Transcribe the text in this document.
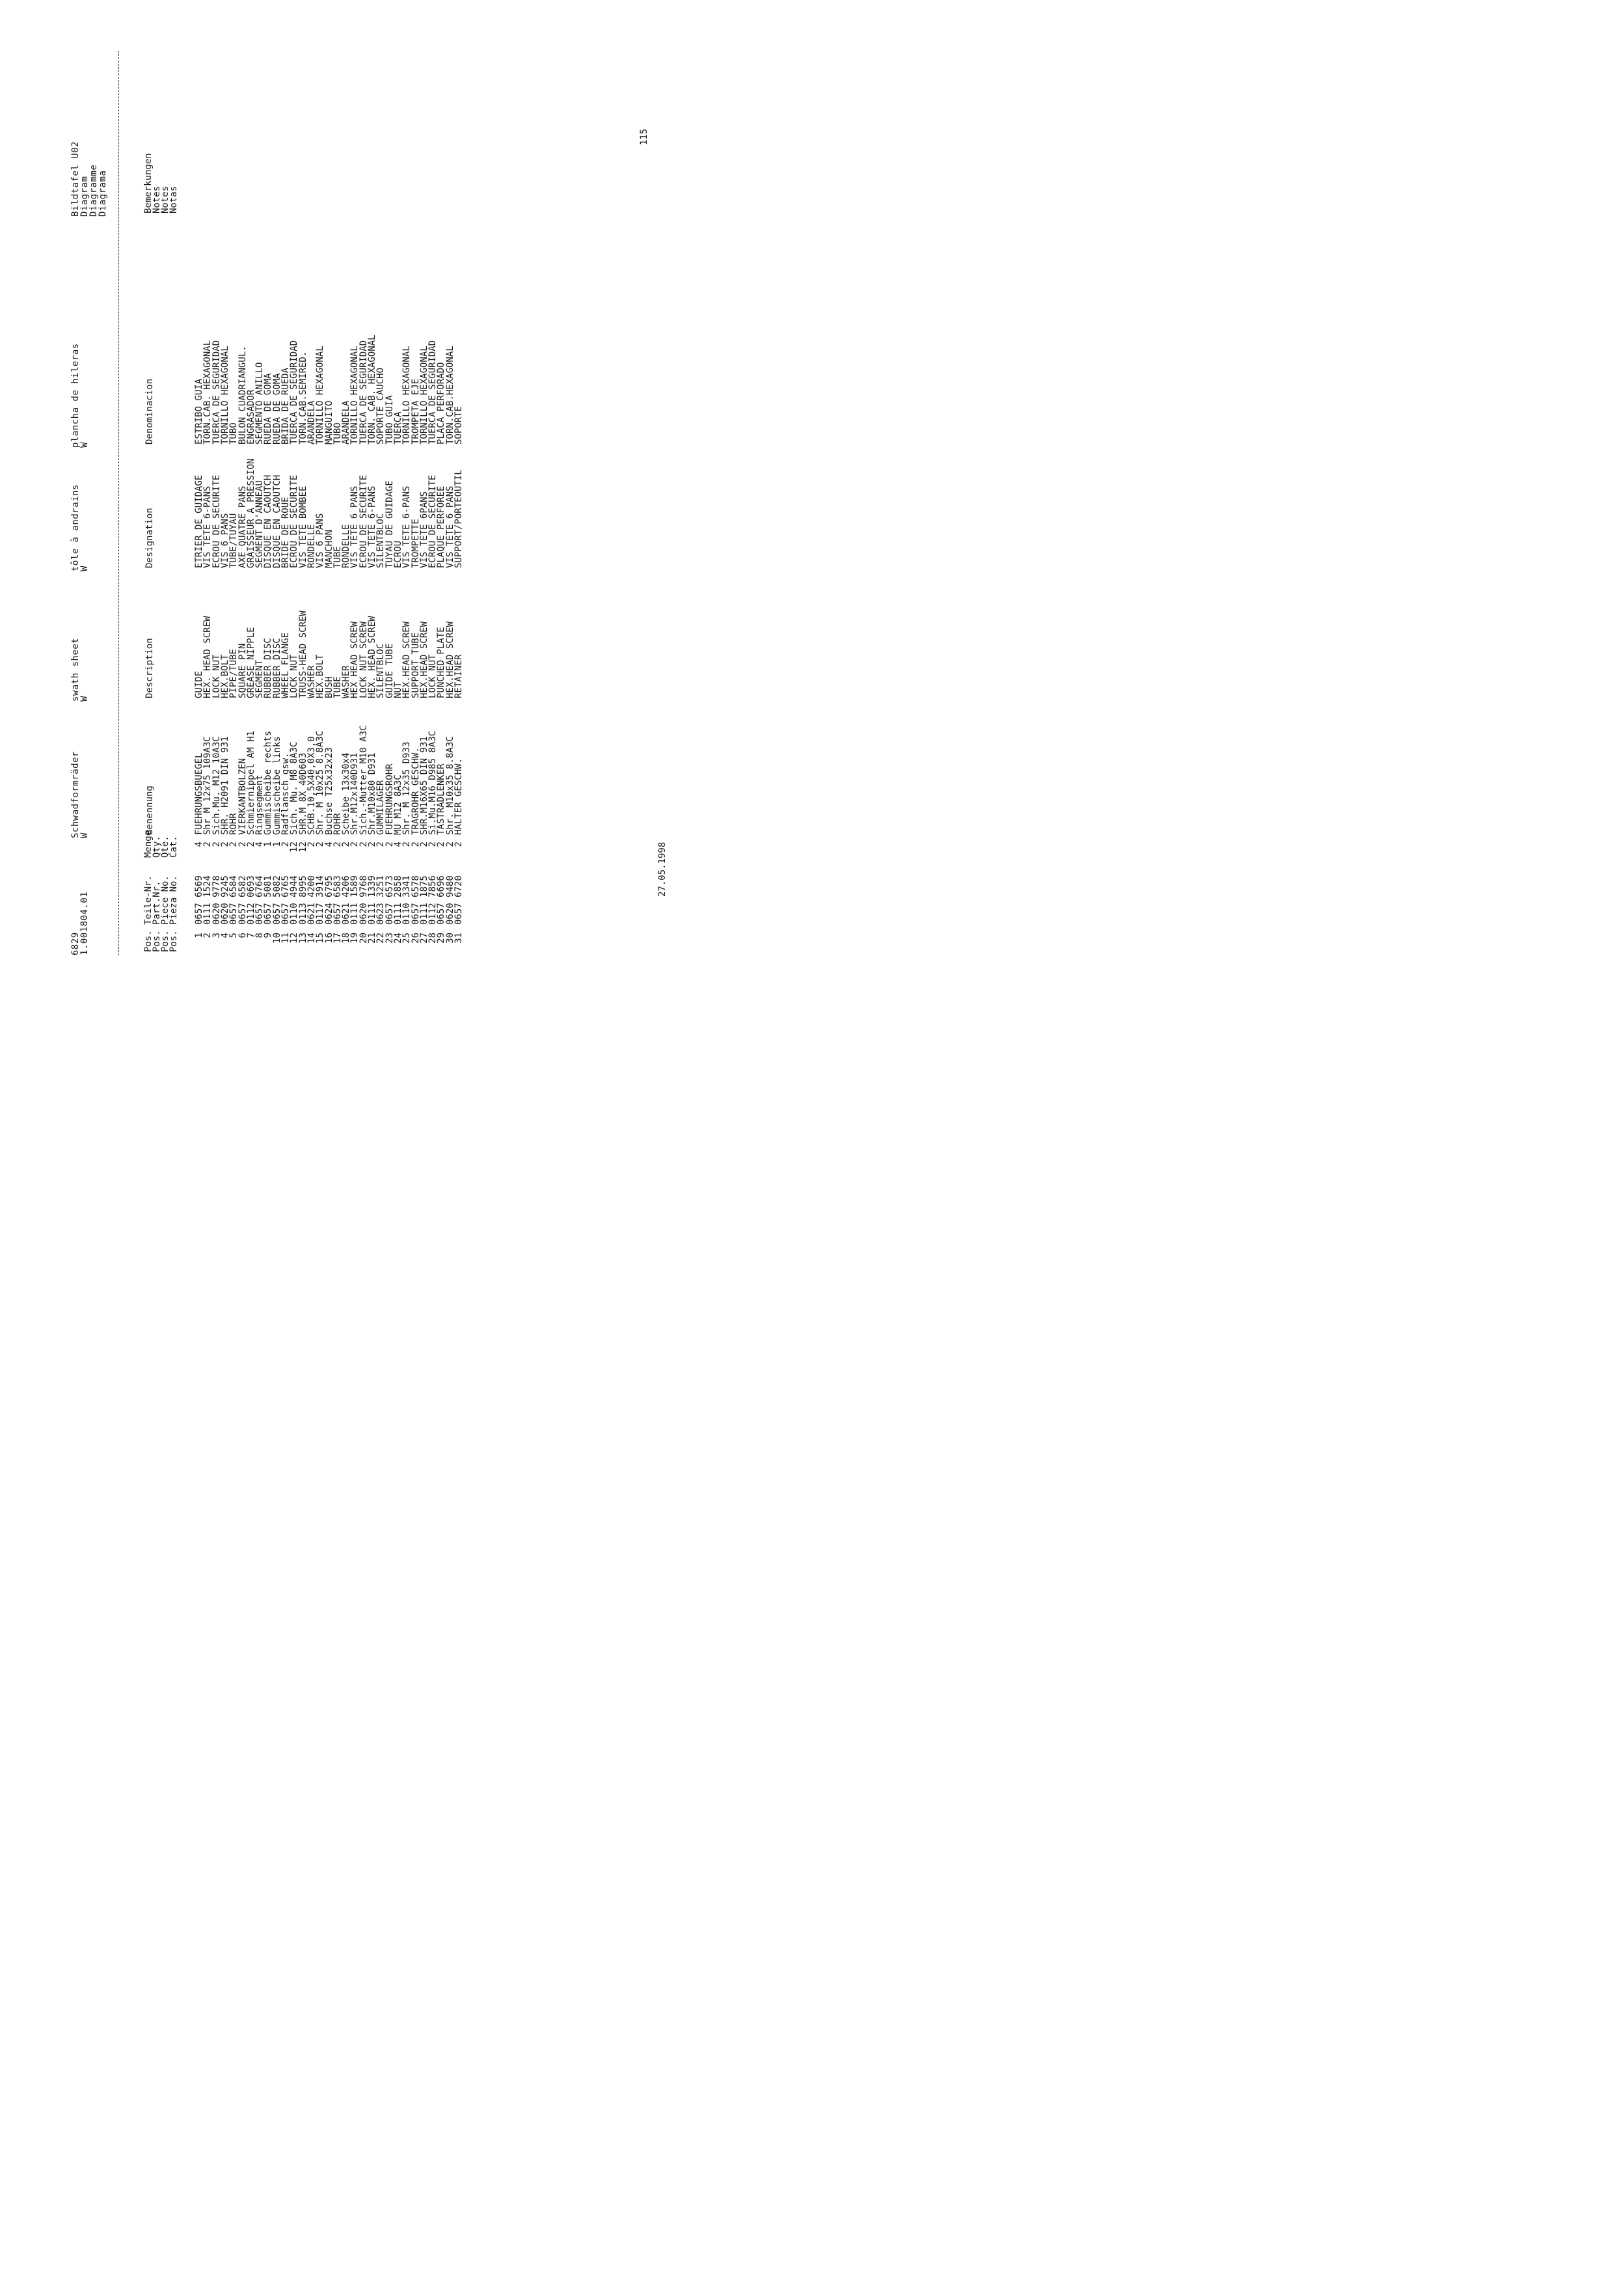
6829
Schwadformräder
swath sheet
tôle à andrains
plancha de hileras
Bildtafel U02
1.001804.01
W
W
W
W
Diagram
Diagramme
Diagrama
Pos.
Pos.
Pos.
Pos.
Teile-Nr.
Part.Nr.
Piece No.
Pieza No.
Menge
Qty.
Qte.
Cat.
Benennung
Description
Designation
Denominacion
Bemerkungen
Notes
Notes
Notas
1
0657 6569
4
FUEHRUNGSBUEGEL
GUIDE
ETRIER DE GUIDAGE
ESTRIBO GUIA
2
0111 1524
2
Shr M 12x75 109A3C
HEX. HEAD SCREW
VIS TETE 6-PANS
TORN.CAB. HEXAGONAL
3
0620 9778
2
Sich.Mu. M12 10A3C
LOCK NUT
ECROU DE SECURITE
TUERCA DE SEGURIDAD
4
0620 9245
2
SHR. H2091 DIN 931
HEX.BOLT
VIS 6 PANS
TORNILLO HEXAGONAL
5
0657 6584
2
ROHR
PIPE/TUBE
TUBE/TUYAU
TUBO
6
0657 6582
2
VIERKANTBOLZEN
SQUARE PIN
AXE QUATRE PANS
BULON CUADRIANGUL.
7
0112 0693
2
Schmiernippel AM H1
GREASE NIPPLE
GRAISSEUR A PRESSION
ENGRASADOR
8
0657 6764
4
Ringsegment
SEGMENT
SEGMENT D'ANNEAU
SEGMENTO ANILLO
9
0657 5081
1
Gummischeibe rechts
RUBBER DISC
DISQUE EN CAOUTCH
RUEDA DE GOMA
10
0657 5082
1
Gummischeibe links
RUBBER DISC
DISQUE EN CAOUTCH
RUEDA DE GOMA
11
0657 6765
2
Radflansch gsw.
WHEEL FLANGE
BRIDE DE ROUE
BRIDA DE RUEDA
12
0110 4944
12
Sich. Mu. M8 8A3C
LOCK NUT
ECROU DE SECURITE
TUERCA DE SEGURIDAD
13
0113 8995
12
SHR.M 8X 40D603
TRUSS-HEAD SCREW
VIS TETE BOMBEE
TORN.CAB.SEMIRED.
14
0621 4200
2
SCHB.10,5X40,0X3,0
WASHER
RONDELLE
ARANDELA
15
0117 3914
2
Shr. M 10x25 8.8A3C
HEX.BOLT
VIS 6 PANS
TORNILLO HEXAGONAL
16
0624 6795
4
Buchse T25x32x23
BUSH
MANCHON
MANGUITO
17
0657 6583
2
ROHR
TUBE
TUBE
TUBO
18
0621 4206
2
Scheibe 13x30x4
WASHER
RONDELLE
ARANDELA
19
0111 1589
2
Shr.M12x140D931
HEX HEAD SCREW
VIS TETE 6 PANS
TORNILLO HEXAGONAL
20
0620 9768
2
Sich.-Mutter M10 A3C
LOCK NUT SCREW
ECROU DE SECURITE
TUERCA DE SEGURIDAD
21
0111 1339
2
Shr.M10x80 D931
HEX. HEAD SCREW
VIS TETE 6-PANS
TORN. CAB. HEXAGONAL
22
0623 3251
2
GUMMILAGER
SILENTBLOC
SILENTBLOC
SOPORTE CAUCHO
23
0657 6573
2
FUEHRUNGSROHR
GUIDE TUBE
TUYAU DE GUIDAGE
TUBO GUIA
24
0111 2858
4
MU M12 8A3C
NUT
ECROU
TUERCA
25
0110 3341
2
Shr. M 12x35 D933
HEX.HEAD SCREW
VIS TETE 6-PANS
TORNILLO HEXAGONAL
26
0657 6578
2
TRAGROHR GESCHW.
SUPPORT TUBE
TROMPETTE
TROMPETA EJE
27
0111 1875
2
SHR.M16X65 DIN 931
HEX.HEAD SCREW
VIS TETE 6PANS
TORNILLO HEXAGONAL
28
0112 7856
2
Si.Mu.M16 D985 8A3C
LOCK NUT
ECROU DE SECURITE
TUERCA DE SEGURIDAD
29
0657 6696
2
TASTRADLENKER
PUNCHED PLATE
PLAQUE PERFOREE
PLACA PERFORADO
30
0620 9480
2
Shr. M10x35 8.8A3C
HEX.HEAD SCREW
VIS TETE 6 PANS
TORN.CAB.HEXAGONAL
31
0657 6720
2
HALTER GESCHW.
RETAINER
SUPPORT/PORTEOUTIL
SOPORTE
27.05.1998
115
